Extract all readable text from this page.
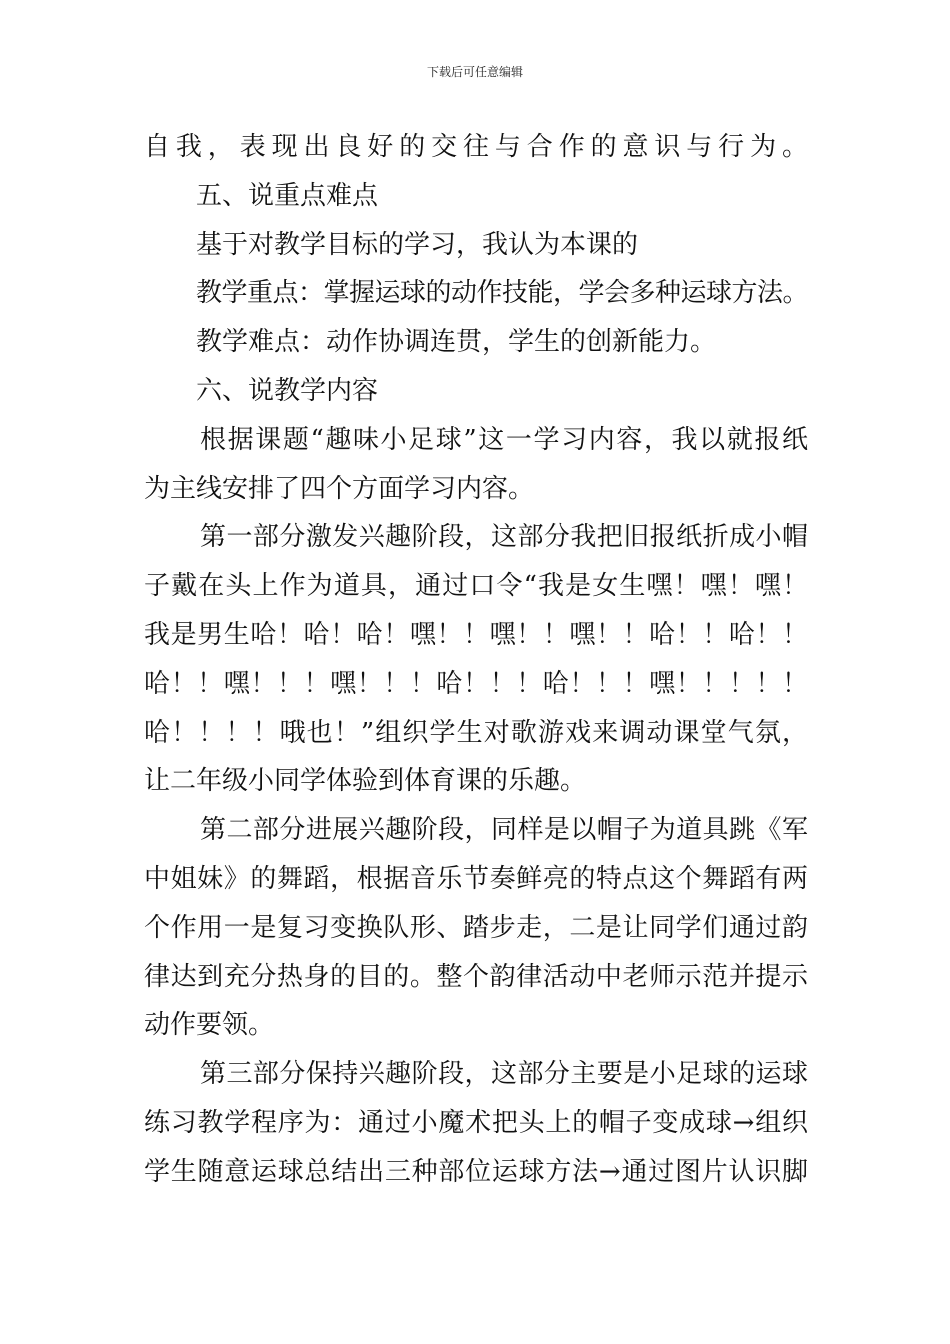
下载后可任意编辑
自我，表现出良好的交往与合作的意识与行为。
五、说重点难点
基于对教学目标的学习，我认为本课的
教学重点：掌握运球的动作技能，学会多种运球方法。
教学难点：动作协调连贯，学生的创新能力。
六、说教学内容
根据课题“趣味小足球”这一学习内容，我以就报纸
为主线安排了四个方面学习内容。
第一部分激发兴趣阶段，这部分我把旧报纸折成小帽
子戴在头上作为道具，通过口令“我是女生嘿！嘿！嘿！
我是男生哈！哈！哈！嘿！！嘿！！嘿！！哈！！哈！！
哈！！嘿！！！嘿！！！哈！！！哈！！！嘿！！！！！
哈！！！！哦也！”组织学生对歌游戏来调动课堂气氛，
让二年级小同学体验到体育课的乐趣。
第二部分进展兴趣阶段，同样是以帽子为道具跳《军
中姐妹》的舞蹈，根据音乐节奏鲜亮的特点这个舞蹈有两
个作用一是复习变换队形、踏步走，二是让同学们通过韵
律达到充分热身的目的。整个韵律活动中老师示范并提示
动作要领。
第三部分保持兴趣阶段，这部分主要是小足球的运球
练习教学程序为：通过小魔术把头上的帽子变成球→组织
学生随意运球总结出三种部位运球方法→通过图片认识脚
